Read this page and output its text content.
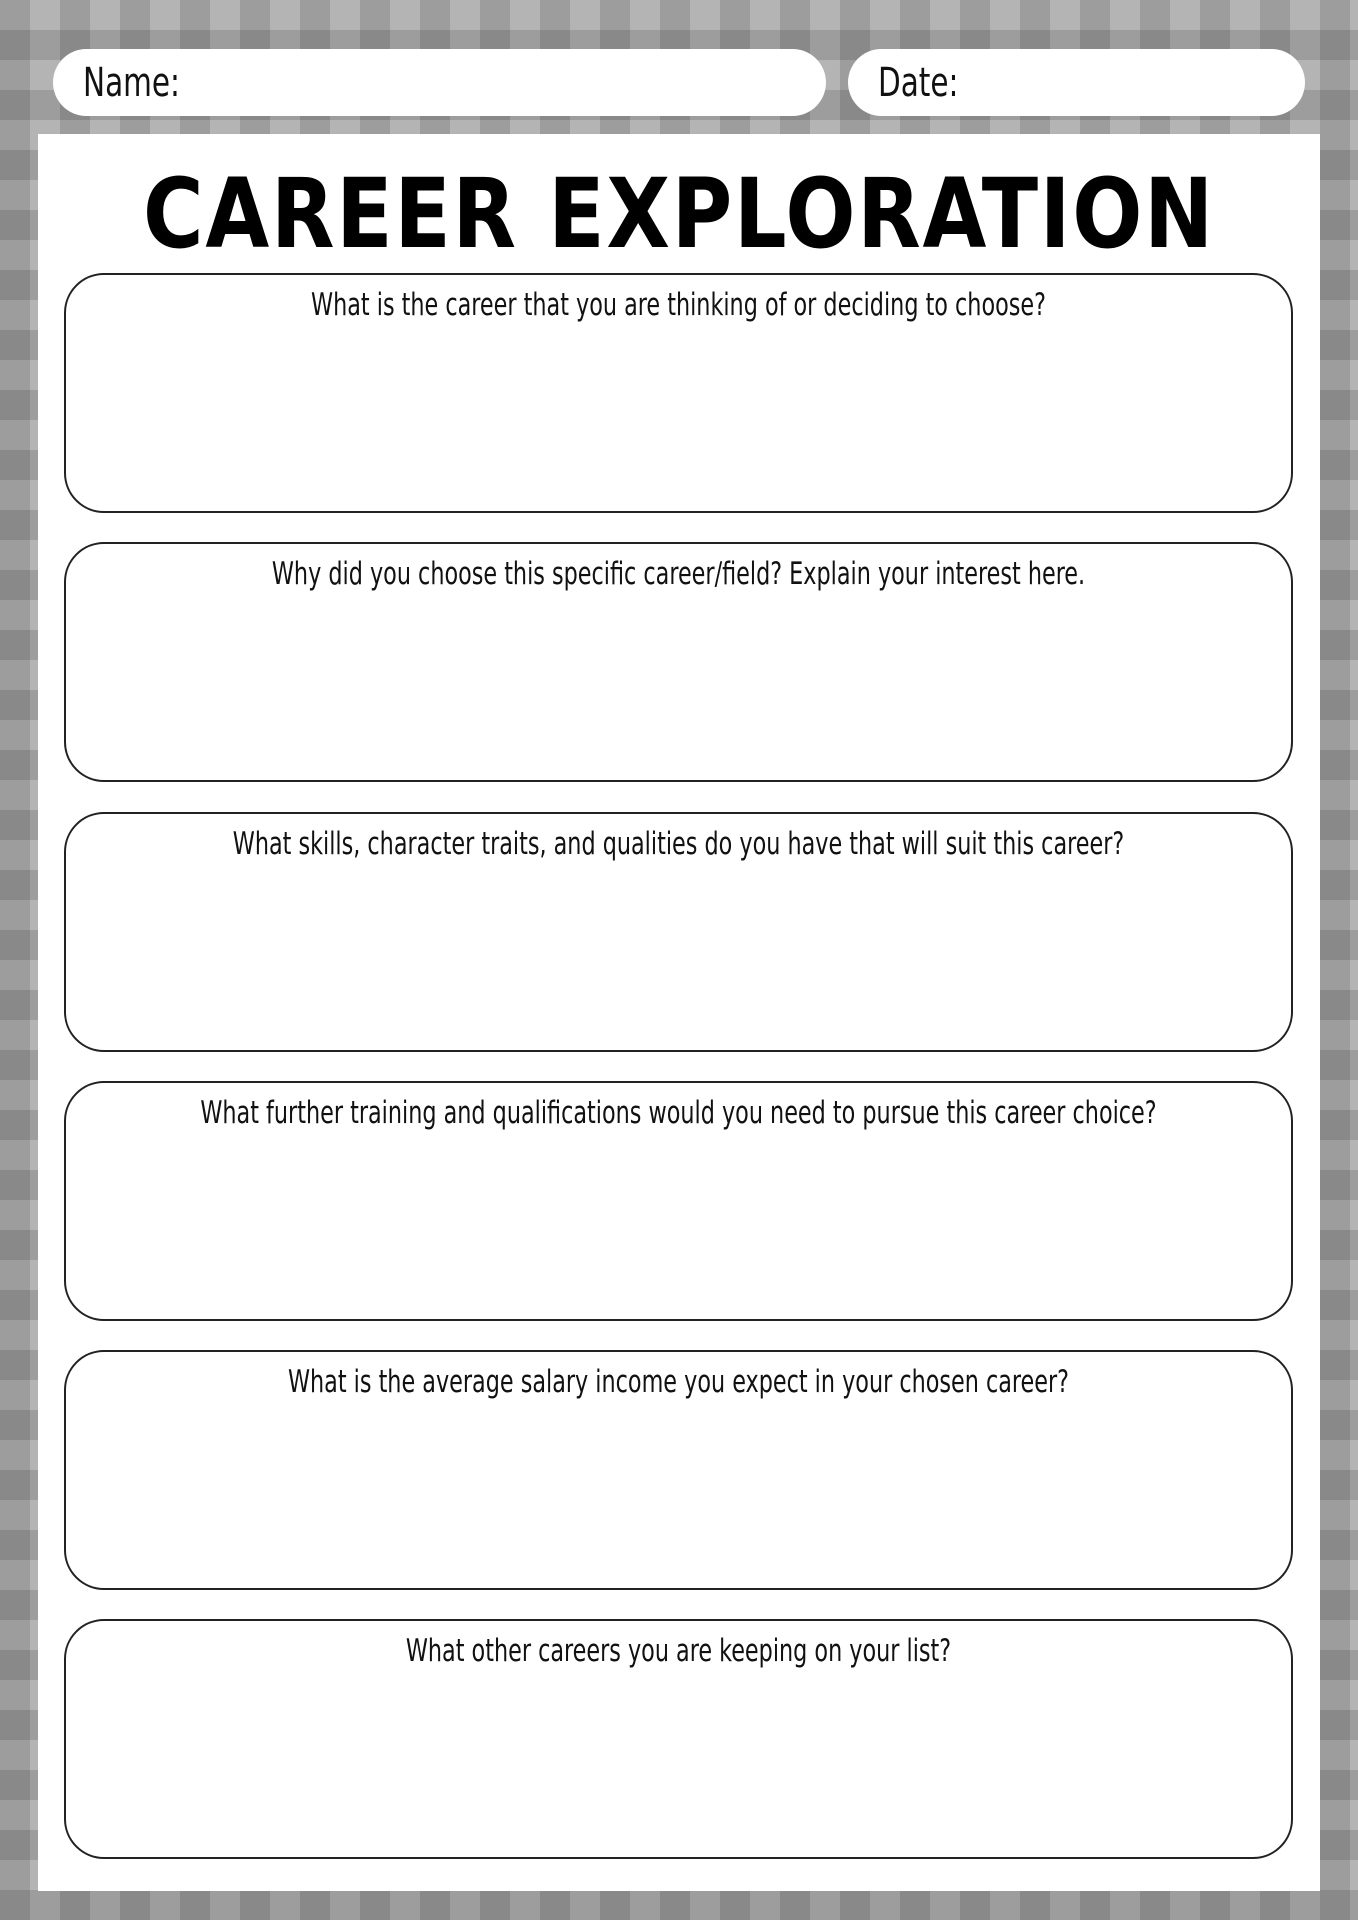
Name:	Date:
CAREER EXPLORATION
What is the career that you are thinking of or deciding to choose?
Why did you choose this specific career/field? Explain your interest here.
What skills, character traits, and qualities do you have that will suit this career?
What further training and qualifications would you need to pursue this career choice?
What is the average salary income you expect in your chosen career?
What other careers you are keeping on your list?
